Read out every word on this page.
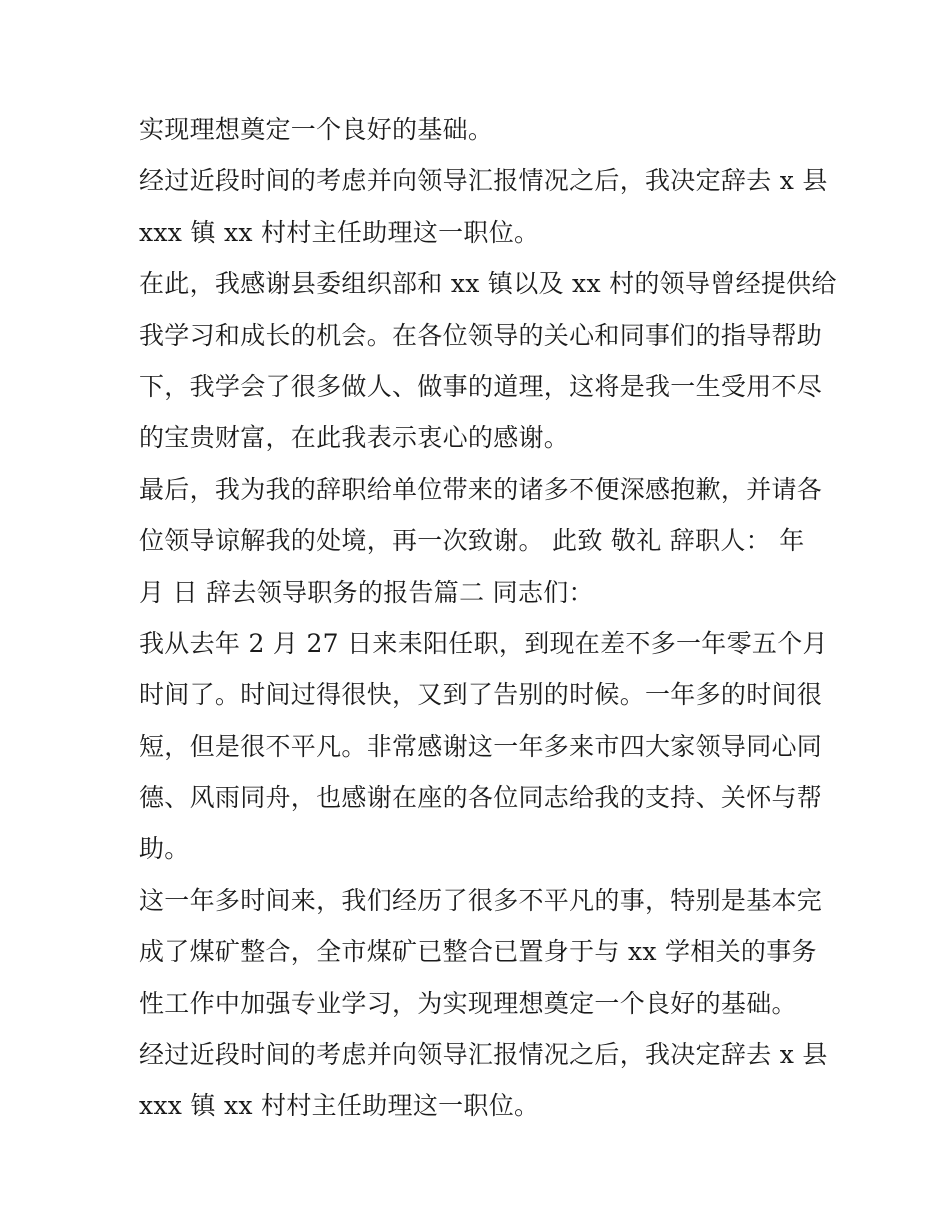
实现理想奠定一个良好的基础。
经过近段时间的考虑并向领导汇报情况之后，我决定辞去 x 县
xxx 镇 xx 村村主任助理这一职位。
在此，我感谢县委组织部和 xx 镇以及 xx 村的领导曾经提供给
我学习和成长的机会。在各位领导的关心和同事们的指导帮助
下，我学会了很多做人、做事的道理，这将是我一生受用不尽
的宝贵财富，在此我表示衷心的感谢。
最后，我为我的辞职给单位带来的诸多不便深感抱歉，并请各
位领导谅解我的处境，再一次致谢。 此致 敬礼 辞职人： 年
月 日 辞去领导职务的报告篇二 同志们：
我从去年 2 月 27 日来耒阳任职，到现在差不多一年零五个月
时间了。时间过得很快，又到了告别的时候。一年多的时间很
短，但是很不平凡。非常感谢这一年多来市四大家领导同心同
德、风雨同舟，也感谢在座的各位同志给我的支持、关怀与帮
助。
这一年多时间来，我们经历了很多不平凡的事，特别是基本完
成了煤矿整合，全市煤矿已整合已置身于与 xx 学相关的事务
性工作中加强专业学习，为实现理想奠定一个良好的基础。
经过近段时间的考虑并向领导汇报情况之后，我决定辞去 x 县
xxx 镇 xx 村村主任助理这一职位。
